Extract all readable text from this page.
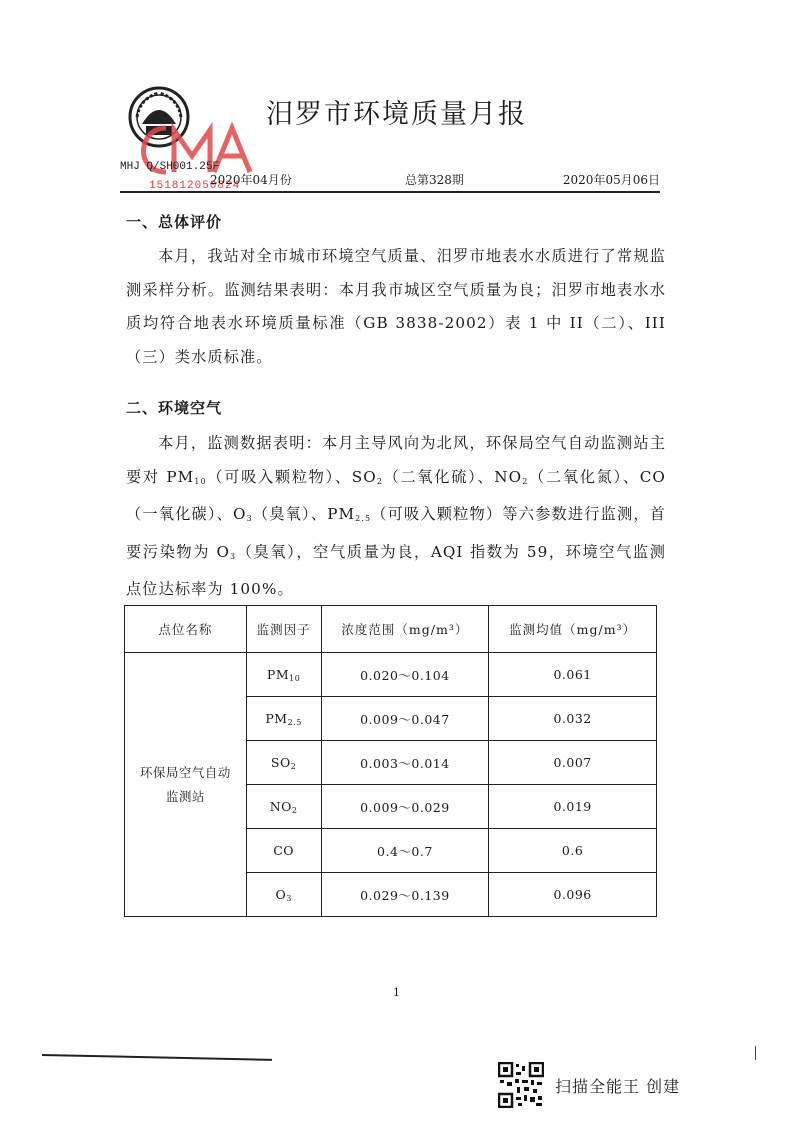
151812050824
汨罗市环境质量月报
MHJ Q/SH001.25F
2020年04月份	总第328期	2020年05月06日
一、总体评价
本月，我站对全市城市环境空气质量、汨罗市地表水水质进行了常规监测采样分析。监测结果表明：本月我市城区空气质量为良；汨罗市地表水水质均符合地表水环境质量标准（GB 3838-2002）表 1 中 II（二）、III（三）类水质标准。
二、环境空气
本月，监测数据表明：本月主导风向为北风，环保局空气自动监测站主要对 $PM_{10}$（可吸入颗粒物）、$SO_2$（二氧化硫）、$NO_2$（二氧化氮）、CO（一氧化碳）、$O_3$（臭氧）、$PM_{2.5}$（可吸入颗粒物）等六参数进行监测，首要污染物为 $O_3$（臭氧），空气质量为良，AQI 指数为 59，环境空气监测点位达标率为 100%。
点位名称	监测因子	浓度范围（mg/m³）	监测均值（mg/m³）
环保局空气自动
监测站	$PM_{10}$	0.020～0.104	0.061
	$PM_{2.5}$	0.009～0.047	0.032
	$SO_2$	0.003～0.014	0.007
	$NO_2$	0.009～0.029	0.019
	CO	0.4～0.7	0.6
	$O_3$	0.029～0.139	0.096
1
扫描全能王 创建
